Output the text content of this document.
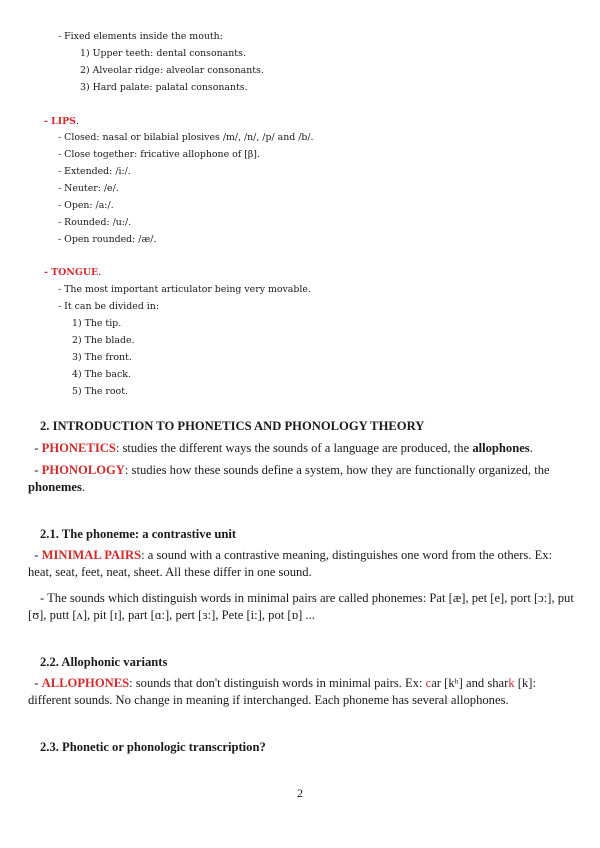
- Fixed elements inside the mouth:
1) Upper teeth: dental consonants.
2) Alveolar ridge: alveolar consonants.
3) Hard palate: palatal consonants.
- LIPS.
- Closed: nasal or bilabial plosives /m/, /n/, /p/ and /b/.
- Close together: fricative allophone of [β].
- Extended: /i:/.
- Neuter: /e/.
- Open: /a:/.
- Rounded: /u:/.
- Open rounded: /æ/.
- TONGUE.
- The most important articulator being very movable.
- It can be divided in:
1) The tip.
2) The blade.
3) The front.
4) The back.
5) The root.
2. INTRODUCTION TO PHONETICS AND PHONOLOGY THEORY
- PHONETICS: studies the different ways the sounds of a language are produced, the allophones.
- PHONOLOGY: studies how these sounds define a system, how they are functionally organized, the phonemes.
2.1. The phoneme: a contrastive unit
- MINIMAL PAIRS: a sound with a contrastive meaning, distinguishes one word from the others. Ex: heat, seat, feet, neat, sheet. All these differ in one sound.
- The sounds which distinguish words in minimal pairs are called phonemes: Pat [æ], pet [e], port [ɔ:], put [ʊ], putt [ʌ], pit [ɪ], part [ɑ:], pert [ɜ:], Pete [i:], pot [ɒ] ...
2.2. Allophonic variants
- ALLOPHONES: sounds that don't distinguish words in minimal pairs. Ex: car [kʰ] and shark [k]: different sounds. No change in meaning if interchanged. Each phoneme has several allophones.
2.3. Phonetic or phonologic transcription?
2
